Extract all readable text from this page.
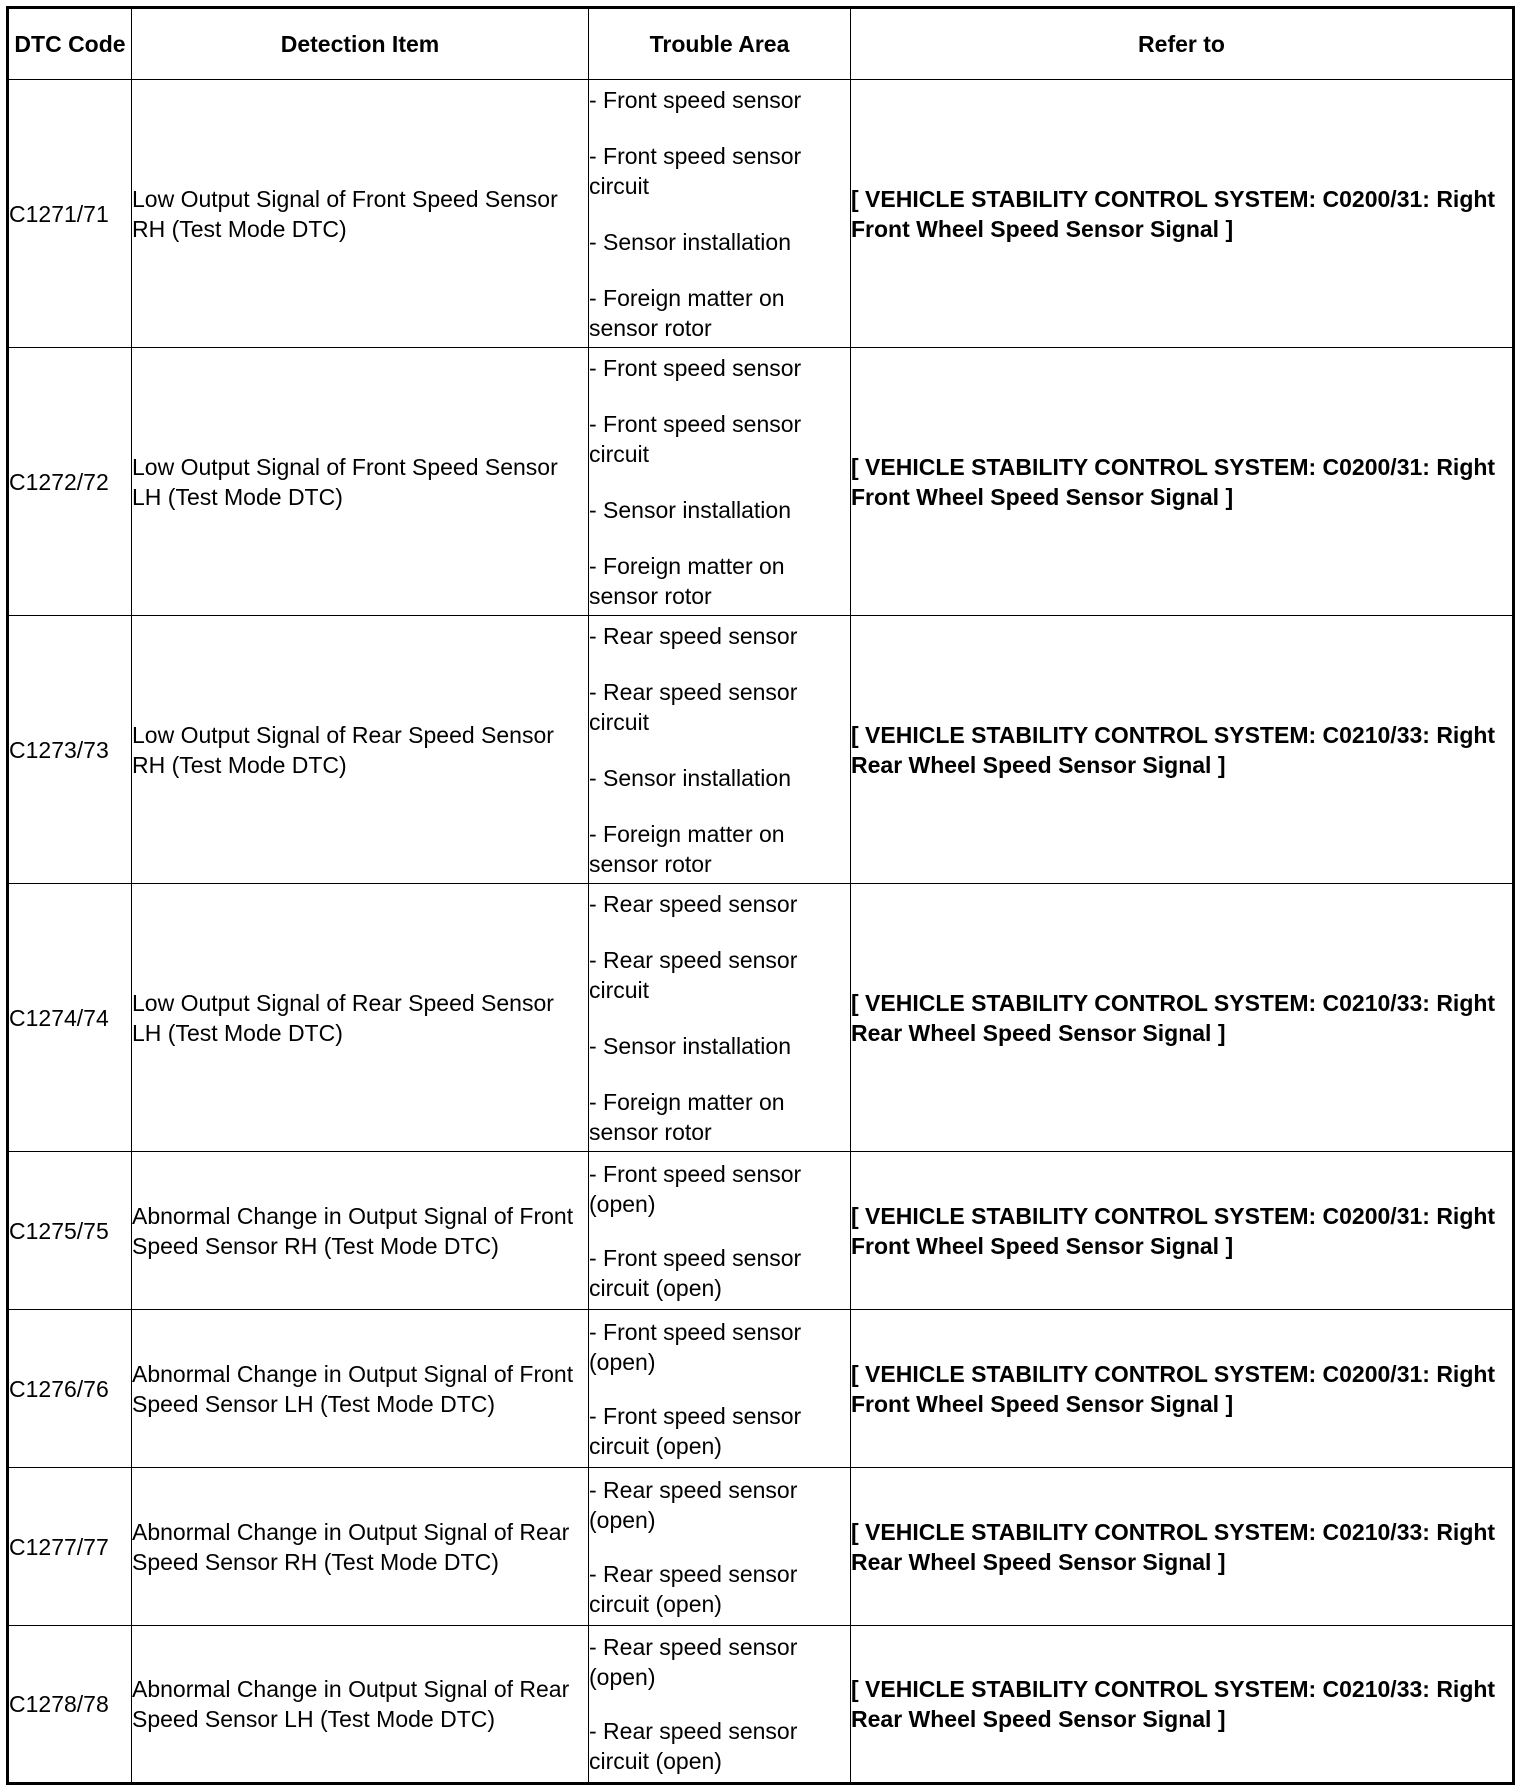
DTC Code	Detection Item	Trouble Area	Refer to
C1271/71	Low Output Signal of Front Speed Sensor RH (Test Mode DTC)	- Front speed sensor

- Front speed sensor circuit

- Sensor installation

- Foreign matter on sensor rotor	[ VEHICLE STABILITY CONTROL SYSTEM: C0200/31: Right Front Wheel Speed Sensor Signal ]
C1272/72	Low Output Signal of Front Speed Sensor LH (Test Mode DTC)	- Front speed sensor

- Front speed sensor circuit

- Sensor installation

- Foreign matter on sensor rotor	[ VEHICLE STABILITY CONTROL SYSTEM: C0200/31: Right Front Wheel Speed Sensor Signal ]
C1273/73	Low Output Signal of Rear Speed Sensor RH (Test Mode DTC)	- Rear speed sensor

- Rear speed sensor circuit

- Sensor installation

- Foreign matter on sensor rotor	[ VEHICLE STABILITY CONTROL SYSTEM: C0210/33: Right Rear Wheel Speed Sensor Signal ]
C1274/74	Low Output Signal of Rear Speed Sensor LH (Test Mode DTC)	- Rear speed sensor

- Rear speed sensor circuit

- Sensor installation

- Foreign matter on sensor rotor	[ VEHICLE STABILITY CONTROL SYSTEM: C0210/33: Right Rear Wheel Speed Sensor Signal ]
C1275/75	Abnormal Change in Output Signal of Front Speed Sensor RH (Test Mode DTC)	- Front speed sensor (open)

- Front speed sensor circuit (open)	[ VEHICLE STABILITY CONTROL SYSTEM: C0200/31: Right Front Wheel Speed Sensor Signal ]
C1276/76	Abnormal Change in Output Signal of Front Speed Sensor LH (Test Mode DTC)	- Front speed sensor (open)

- Front speed sensor circuit (open)	[ VEHICLE STABILITY CONTROL SYSTEM: C0200/31: Right Front Wheel Speed Sensor Signal ]
C1277/77	Abnormal Change in Output Signal of Rear Speed Sensor RH (Test Mode DTC)	- Rear speed sensor (open)

- Rear speed sensor circuit (open)	[ VEHICLE STABILITY CONTROL SYSTEM: C0210/33: Right Rear Wheel Speed Sensor Signal ]
C1278/78	Abnormal Change in Output Signal of Rear Speed Sensor LH (Test Mode DTC)	- Rear speed sensor (open)

- Rear speed sensor circuit (open)	[ VEHICLE STABILITY CONTROL SYSTEM: C0210/33: Right Rear Wheel Speed Sensor Signal ]
